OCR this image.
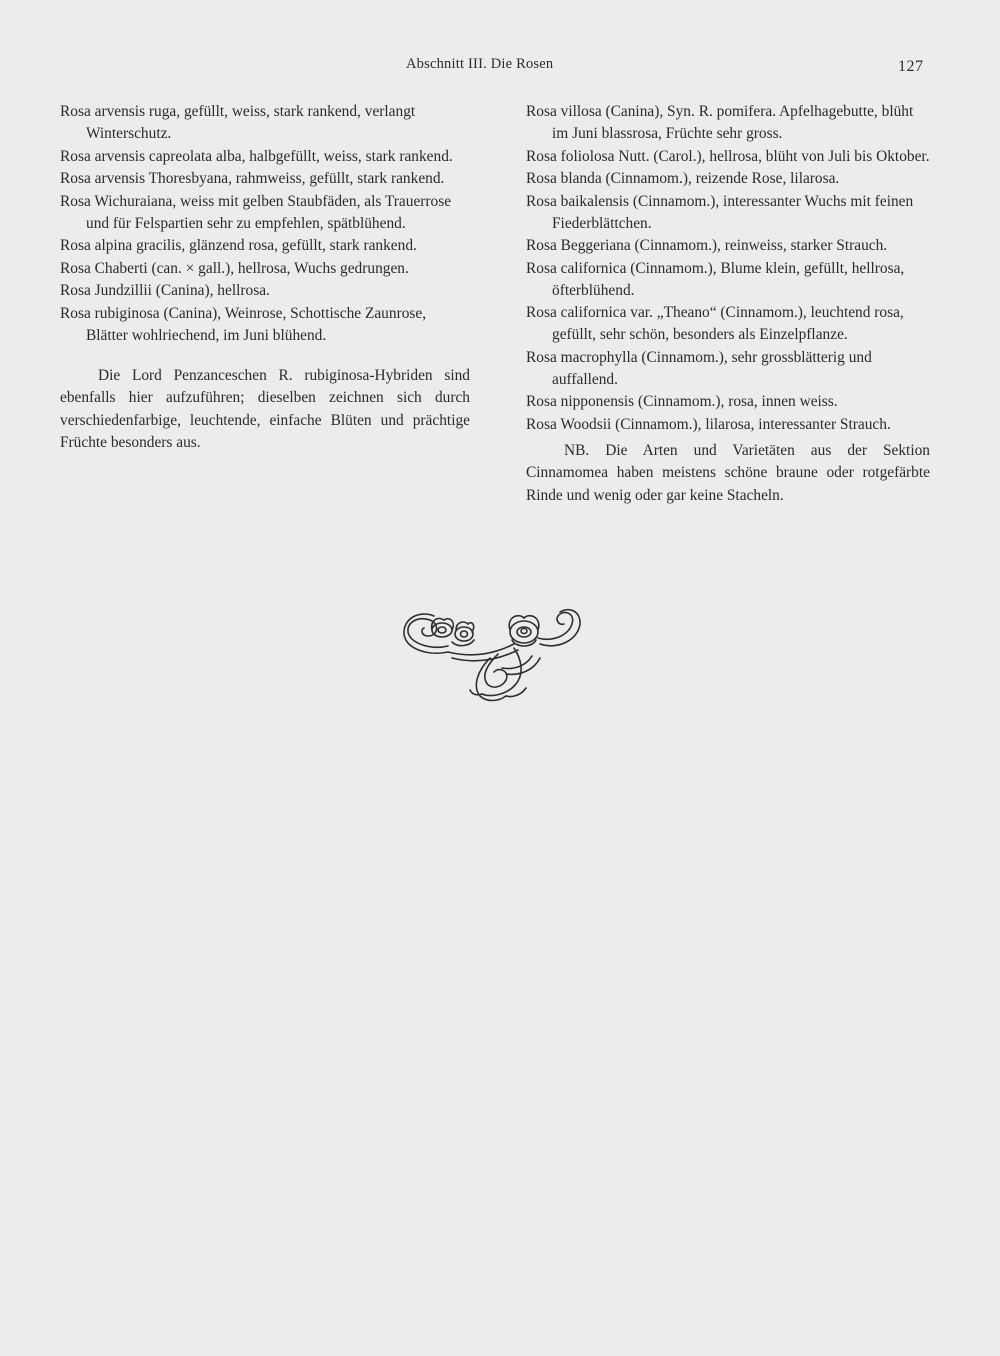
Abschnitt III. Die Rosen	127

Rosa arvensis ruga, gefüllt, weiss, stark rankend, verlangt Winterschutz.

Rosa arvensis capreolata alba, halbgefüllt, weiss, stark rankend.

Rosa arvensis Thoresbyana, rahmweiss, gefüllt, stark rankend.

Rosa Wichuraiana, weiss mit gelben Staubfäden, als Trauerrose und für Felspartien sehr zu empfehlen, spätblühend.

Rosa alpina gracilis, glänzend rosa, gefüllt, stark rankend.

Rosa Chaberti (can. × gall.), hellrosa, Wuchs gedrungen.

Rosa Jundzillii (Canina), hellrosa.

Rosa rubiginosa (Canina), Weinrose, Schottische Zaunrose, Blätter wohlriechend, im Juni blühend.

Die Lord Penzanceschen R. rubiginosa-Hybriden sind ebenfalls hier aufzuführen; dieselben zeichnen sich durch verschiedenfarbige, leuchtende, einfache Blüten und prächtige Früchte besonders aus.

Rosa villosa (Canina), Syn. R. pomifera. Apfelhagebutte, blüht im Juni blassrosa, Früchte sehr gross.

Rosa foliolosa Nutt. (Carol.), hellrosa, blüht von Juli bis Oktober.

Rosa blanda (Cinnamom.), reizende Rose, lilarosa.

Rosa baikalensis (Cinnamom.), interessanter Wuchs mit feinen Fiederblättchen.

Rosa Beggeriana (Cinnamom.), reinweiss, starker Strauch.

Rosa californica (Cinnamom.), Blume klein, gefüllt, hellrosa, öfterblühend.

Rosa californica var. „Theano“ (Cinnamom.), leuchtend rosa, gefüllt, sehr schön, besonders als Einzelpflanze.

Rosa macrophylla (Cinnamom.), sehr grossblätterig und auffallend.

Rosa nipponensis (Cinnamom.), rosa, innen weiss.

Rosa Woodsii (Cinnamom.), lilarosa, interessanter Strauch.

NB. Die Arten und Varietäten aus der Sektion Cinnamomea haben meistens schöne braune oder rotgefärbte Rinde und wenig oder gar keine Stacheln.
